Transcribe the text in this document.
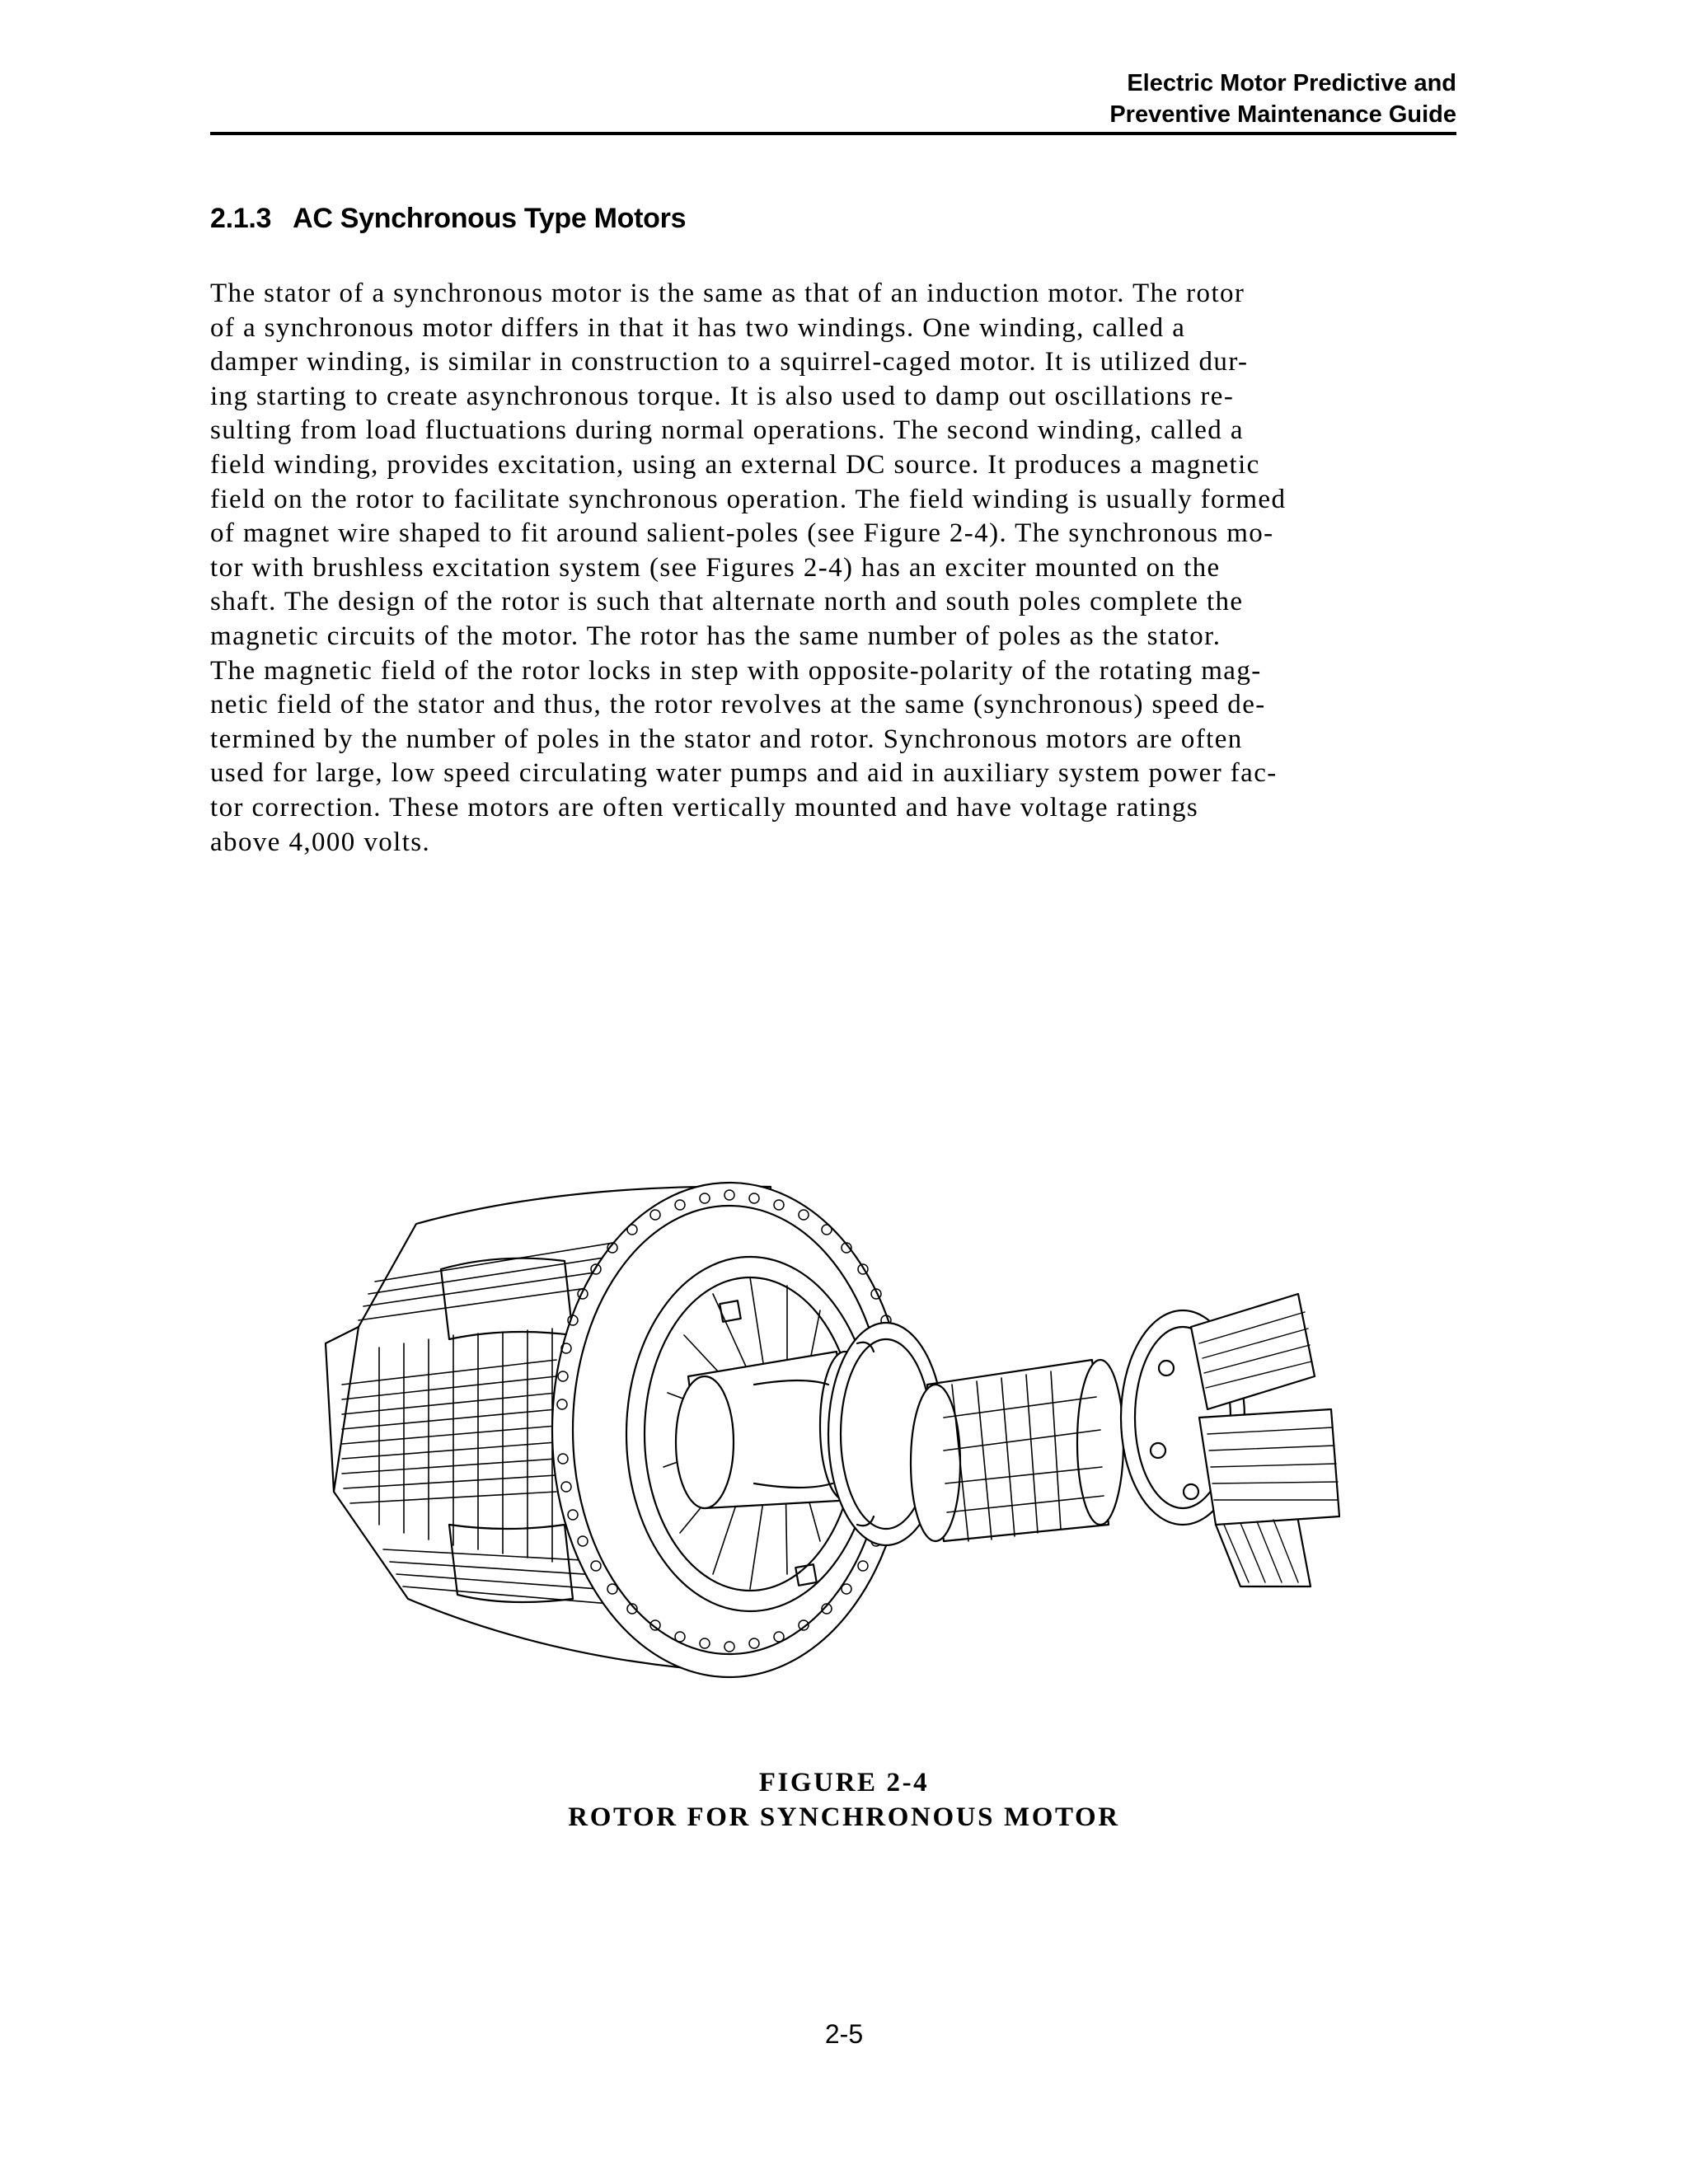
Electric Motor Predictive and
Preventive Maintenance Guide
2.1.3 AC Synchronous Type Motors
The stator of a synchronous motor is the same as that of an induction motor. The rotor
of a synchronous motor differs in that it has two windings. One winding, called a
damper winding, is similar in construction to a squirrel-caged motor. It is utilized dur-
ing starting to create asynchronous torque. It is also used to damp out oscillations re-
sulting from load fluctuations during normal operations. The second winding, called a
field winding, provides excitation, using an external DC source. It produces a magnetic
field on the rotor to facilitate synchronous operation. The field winding is usually formed
of magnet wire shaped to fit around salient-poles (see Figure 2-4). The synchronous mo-
tor with brushless excitation system (see Figures 2-4) has an exciter mounted on the
shaft. The design of the rotor is such that alternate north and south poles complete the
magnetic circuits of the motor. The rotor has the same number of poles as the stator.
The magnetic field of the rotor locks in step with opposite-polarity of the rotating mag-
netic field of the stator and thus, the rotor revolves at the same (synchronous) speed de-
termined by the number of poles in the stator and rotor. Synchronous motors are often
used for large, low speed circulating water pumps and aid in auxiliary system power fac-
tor correction. These motors are often vertically mounted and have voltage ratings
above 4,000 volts.
FIGURE 2-4
ROTOR FOR SYNCHRONOUS MOTOR
2-5
